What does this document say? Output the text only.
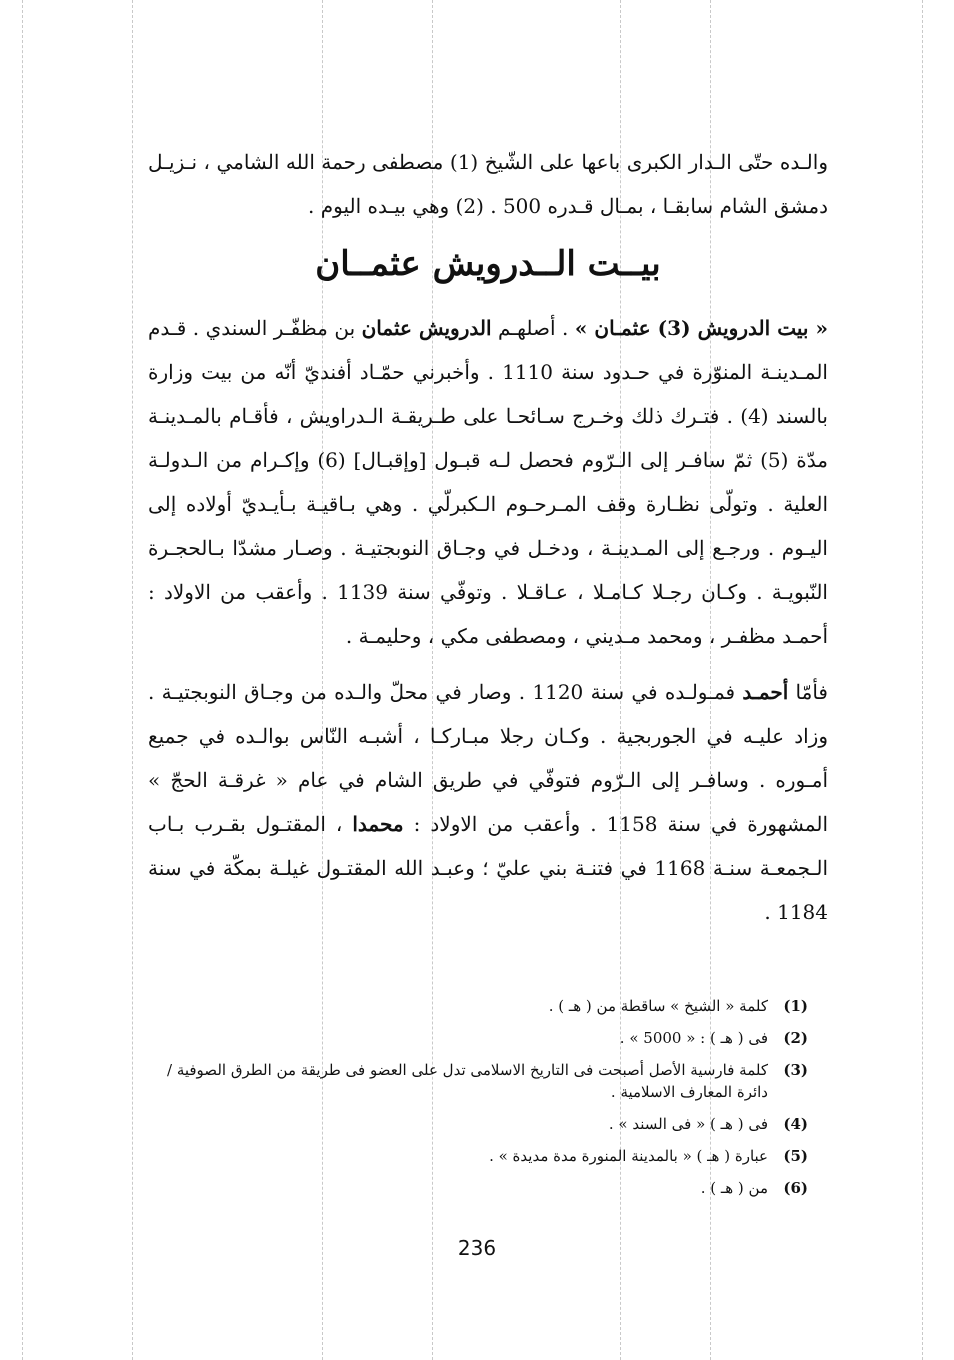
والـده حتّى الـدار الكبرى باعها على الشّيخ (1) مصطفى رحمة الله الشامي ، نـزيـل دمشق الشام سابقـا ، بمـال قـدره 500 . (2) وهي بيـده اليوم .

بيــت الــدرويش عثمــان

« بيت الدرويش (3) عثمـان » . أصلهـم الدرويش عثمان بن مظفّـر السندي . قـدم المـدينـة المنوّرة في حـدود سنة 1110 . وأخبرني حمّـاد أفنديّ أنّه من بيت وزارة بالسند (4) . فتـرك ذلك وخـرج سـائحـا على طـريقـة الـدراويش ، فأقـام بالمـدينـة مدّة (5) ثمّ سافـر إلى الـرّوم فحصل لـه قبـول [وإقبـال] (6) وإكـرام من الـدولـة العلية . وتولّى نظـارة وقف المـرحـوم الـكبرلّي . وهي بـاقيـة بـأيـديّ أولاده إلى اليـوم . ورجـع إلى المـدينـة ، ودخـل في وجـاق النوبجتيـة . وصـار مشدّا بـالحجـرة النّبويـة . وكـان رجـلا كـامـلا ، عـاقـلا . وتوفّي سنة 1139 . وأعقب من الاولاد : أحمـد مظفـر ، ومحمد مـديني ، ومصطفى مكي ، وحليمـة .

فأمّا أحمـد فمـولـده في سنة 1120 . وصار في محلّ والـده من وجـاق النوبجتيـة . وزاد عليـه في الجوربجية . وكـان رجلا مبـاركـا ، أشبـه النّاس بوالـده في جميع أمـوره . وسافـر إلى الـرّوم فتوفّي في طريق الشام في عام « غرقـة الحجّ » المشهورة في سنة 1158 . وأعقب من الاولاد : محمدا ، المقتـول بقـرب بـاب الـجمعـة سنـة 1168 في فتنـة بني عليّ ؛ وعبـد الله المقتـول غيلـة بمكّة في سنة 1184 .

(1)
كلمة « الشيخ » ساقطة من ( هـ ) .
(2)
فى ( هـ ) : « 5000 » .
(3)
كلمة فارسية الأصل أصبحت فى التاريخ الاسلامى تدل على العضو فى طريقة من الطرق الصوفية / دائرة المعارف الاسلامية .
(4)
فى ( هـ ) « فى السند » .
(5)
عبارة ( هـ ) « بالمدينة المنورة مدة مديدة » .
(6)
من ( هـ ) .
236
